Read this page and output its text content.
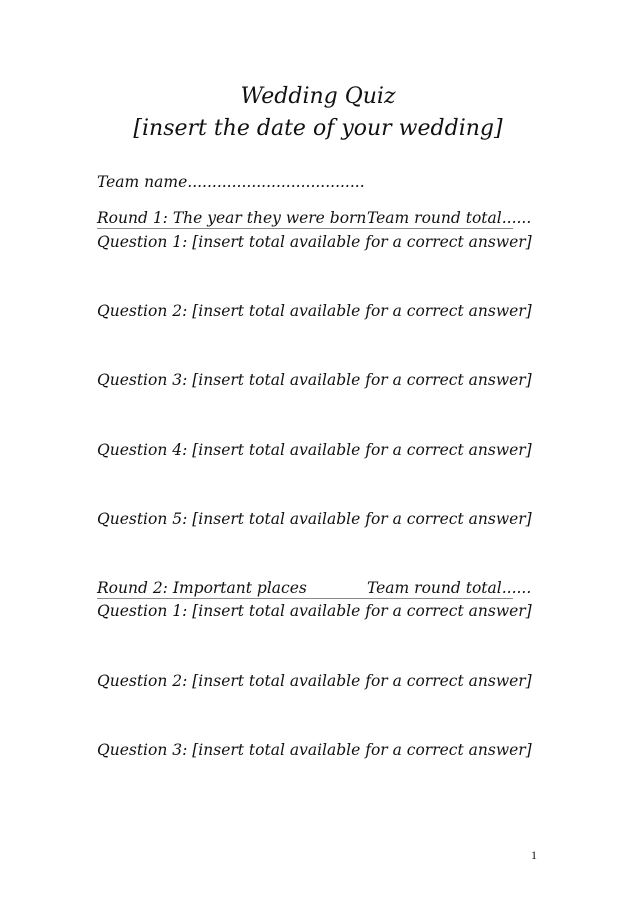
Wedding Quiz
[insert the date of your wedding]
Team name....................................
Round 1: The year they were born Team round total......
Question 1: [insert total available for a correct answer]
Question 2: [insert total available for a correct answer]
Question 3: [insert total available for a correct answer]
Question 4: [insert total available for a correct answer]
Question 5: [insert total available for a correct answer]
Round 2: Important places	Team round total......
Question 1: [insert total available for a correct answer]
Question 2: [insert total available for a correct answer]
Question 3: [insert total available for a correct answer]
1
